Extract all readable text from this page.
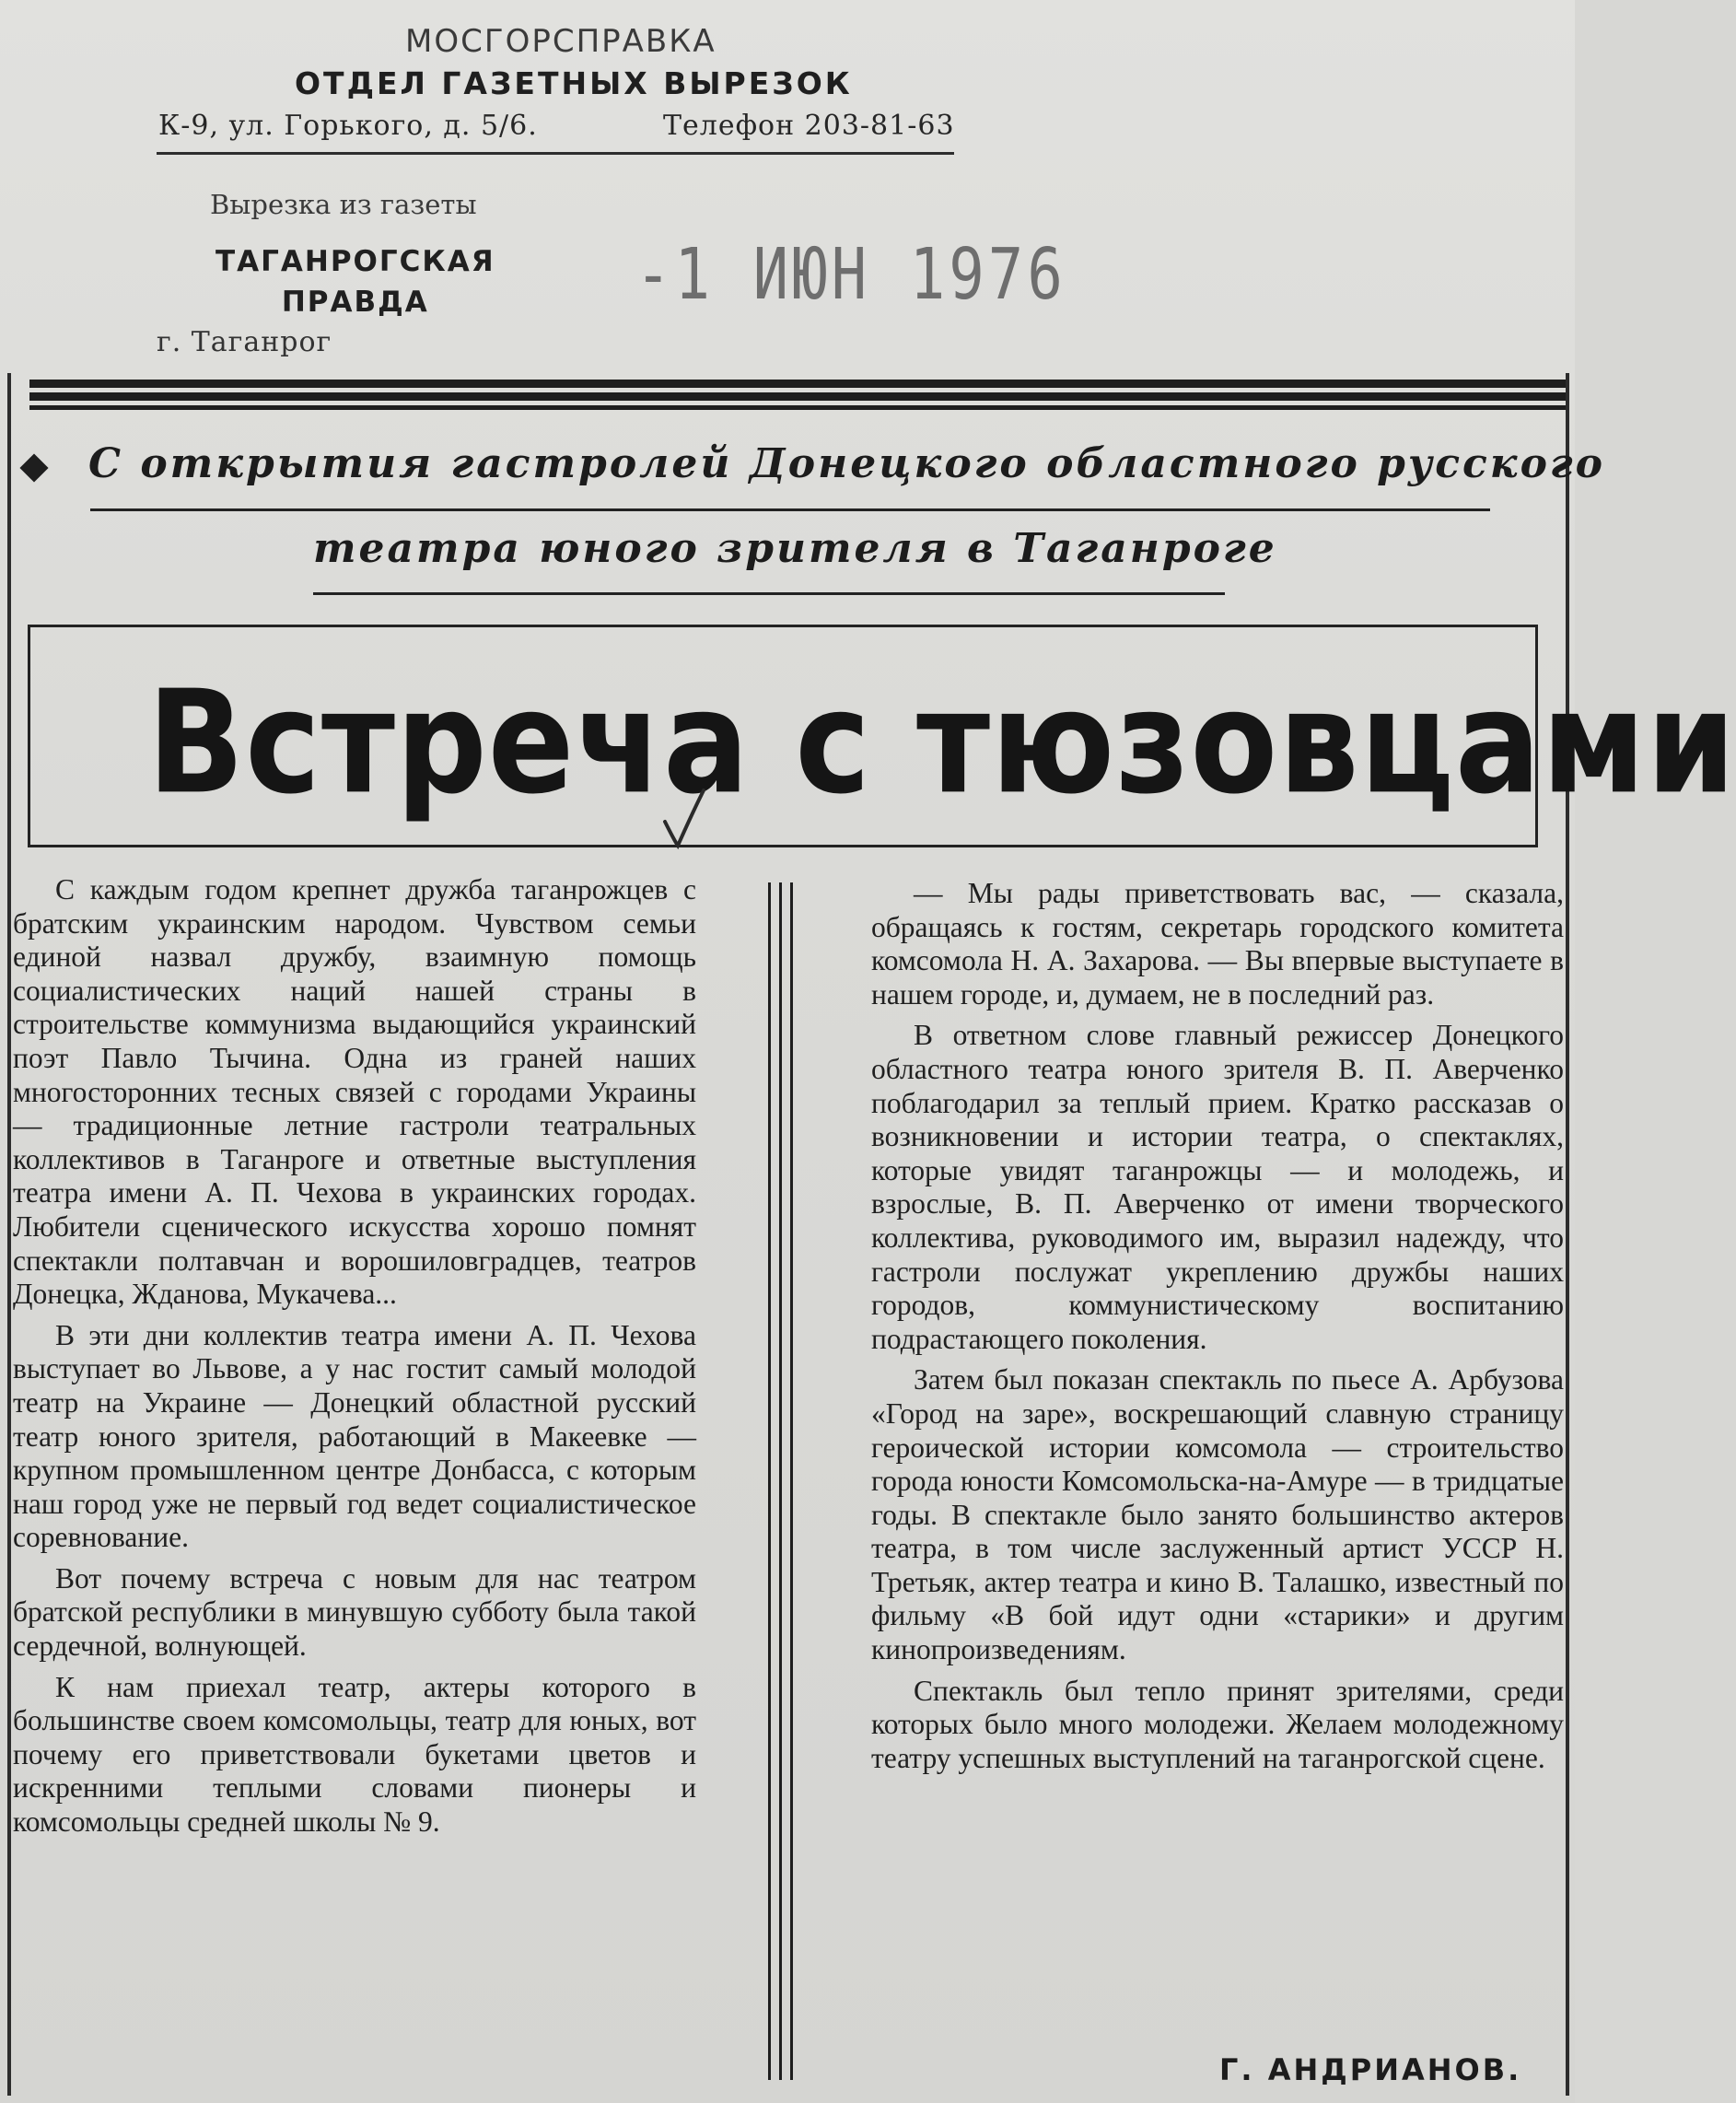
МОСГОРСПРАВКА
ОТДЕЛ ГАЗЕТНЫХ ВЫРЕЗОК
К-9, ул. Горького, д. 5/6.	Телефон 203-81-63
Вырезка из газеты
ТАГАНРОГСКАЯ
ПРАВДА
г. Таганрог
-1 ИЮН 1976
С открытия гастролей Донецкого областного русского
театра юного зрителя в Таганроге
Встреча с тюзовцами

С каждым годом крепнет дружба таганрожцев с братским украинским народом. Чувством семьи единой назвал дружбу, взаимную помощь социалистических наций нашей страны в строительстве коммунизма выдающийся украинский поэт Павло Тычина. Одна из граней наших многосторонних тесных связей с городами Украины — традиционные летние гастроли театральных коллективов в Таганроге и ответные выступления театра имени А. П. Чехова в украинских городах. Любители сценического искусства хорошо помнят спектакли полтавчан и ворошиловградцев, театров Донецка, Жданова, Мукачева...

В эти дни коллектив театра имени А. П. Чехова выступает во Львове, а у нас гостит самый молодой театр на Украине — Донецкий областной русский театр юного зрителя, работающий в Макеевке — крупном промышленном центре Донбасса, с которым наш город уже не первый год ведет социалистическое соревнование.

Вот почему встреча с новым для нас театром братской республики в минувшую субботу была такой сердечной, волнующей.

К нам приехал театр, актеры которого в большинстве своем комсомольцы, театр для юных, вот почему его приветствовали букетами цветов и искренними теплыми словами пионеры и комсомольцы средней школы № 9.

— Мы рады приветствовать вас, — сказала, обращаясь к гостям, секретарь городского комитета комсомола Н. А. Захарова. — Вы впервые выступаете в нашем городе, и, думаем, не в последний раз.

В ответном слове главный режиссер Донецкого областного театра юного зрителя В. П. Аверченко поблагодарил за теплый прием. Кратко рассказав о возникновении и истории театра, о спектаклях, которые увидят таганрожцы — и молодежь, и взрослые, В. П. Аверченко от имени творческого коллектива, руководимого им, выразил надежду, что гастроли послужат укреплению дружбы наших городов, коммунистическому воспитанию подрастающего поколения.

Затем был показан спектакль по пьесе А. Арбузова «Город на заре», воскрешающий славную страницу героической истории комсомола — строительство города юности Комсомольска-на-Амуре — в тридцатые годы. В спектакле было занято большинство актеров театра, в том числе заслуженный артист УССР Н. Третьяк, актер театра и кино В. Талашко, известный по фильму «В бой идут одни «старики» и другим кинопроизведениям.

Спектакль был тепло принят зрителями, среди которых было много молодежи. Желаем молодежному театру успешных выступлений на таганрогской сцене.

Г. АНДРИАНОВ.
